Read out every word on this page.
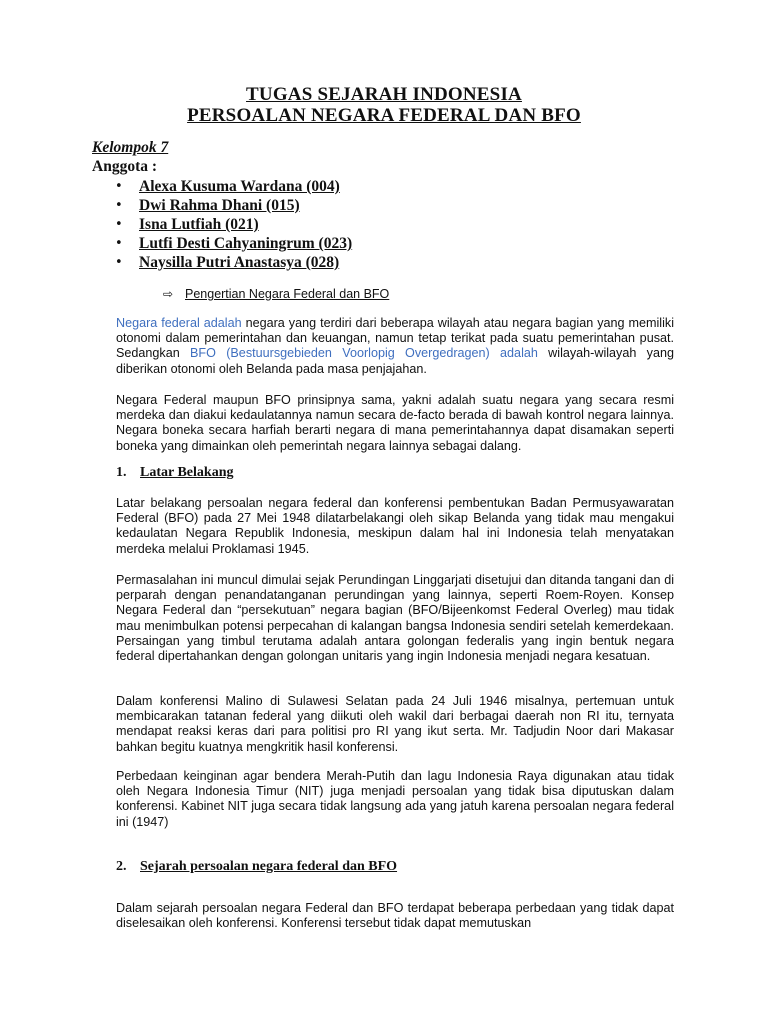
TUGAS SEJARAH INDONESIA
PERSOALAN NEGARA FEDERAL DAN BFO
Kelompok 7
Anggota :
• Alexa Kusuma Wardana (004)
• Dwi Rahma Dhani (015)
• Isna Lutfiah (021)
• Lutfi Desti Cahyaningrum (023)
• Naysilla Putri Anastasya (028)
⇨ Pengertian Negara Federal dan BFO

Negara federal adalah negara yang terdiri dari beberapa wilayah atau negara bagian yang memiliki otonomi dalam pemerintahan dan keuangan, namun tetap terikat pada suatu pemerintahan pusat. Sedangkan BFO (Bestuursgebieden Voorlopig Overgedragen) adalah wilayah-wilayah yang diberikan otonomi oleh Belanda pada masa penjajahan.

Negara Federal maupun BFO prinsipnya sama, yakni adalah suatu negara yang secara resmi merdeka dan diakui kedaulatannya namun secara de-facto berada di bawah kontrol negara lainnya. Negara boneka secara harfiah berarti negara di mana pemerintahannya dapat disamakan seperti boneka yang dimainkan oleh pemerintah negara lainnya sebagai dalang.

1. Latar Belakang

Latar belakang persoalan negara federal dan konferensi pembentukan Badan Permusyawaratan Federal (BFO) pada 27 Mei 1948 dilatarbelakangi oleh sikap Belanda yang tidak mau mengakui kedaulatan Negara Republik Indonesia, meskipun dalam hal ini Indonesia telah menyatakan merdeka melalui Proklamasi 1945.

Permasalahan ini muncul dimulai sejak Perundingan Linggarjati disetujui dan ditanda tangani dan di perparah dengan penandatanganan perundingan yang lainnya, seperti Roem-Royen. Konsep Negara Federal dan “persekutuan” negara bagian (BFO/Bijeenkomst Federal Overleg) mau tidak mau menimbulkan potensi perpecahan di kalangan bangsa Indonesia sendiri setelah kemerdekaan. Persaingan yang timbul terutama adalah antara golongan federalis yang ingin bentuk negara federal dipertahankan dengan golongan unitaris yang ingin Indonesia menjadi negara kesatuan.

Dalam konferensi Malino di Sulawesi Selatan pada 24 Juli 1946 misalnya, pertemuan untuk membicarakan tatanan federal yang diikuti oleh wakil dari berbagai daerah non RI itu, ternyata mendapat reaksi keras dari para politisi pro RI yang ikut serta. Mr. Tadjudin Noor dari Makasar bahkan begitu kuatnya mengkritik hasil konferensi.

Perbedaan keinginan agar bendera Merah-Putih dan lagu Indonesia Raya digunakan atau tidak oleh Negara Indonesia Timur (NIT) juga menjadi persoalan yang tidak bisa diputuskan dalam konferensi. Kabinet NIT juga secara tidak langsung ada yang jatuh karena persoalan negara federal ini (1947)

2. Sejarah persoalan negara federal dan BFO

Dalam sejarah persoalan negara Federal dan BFO terdapat beberapa perbedaan yang tidak dapat diselesaikan oleh konferensi. Konferensi tersebut tidak dapat memutuskan
